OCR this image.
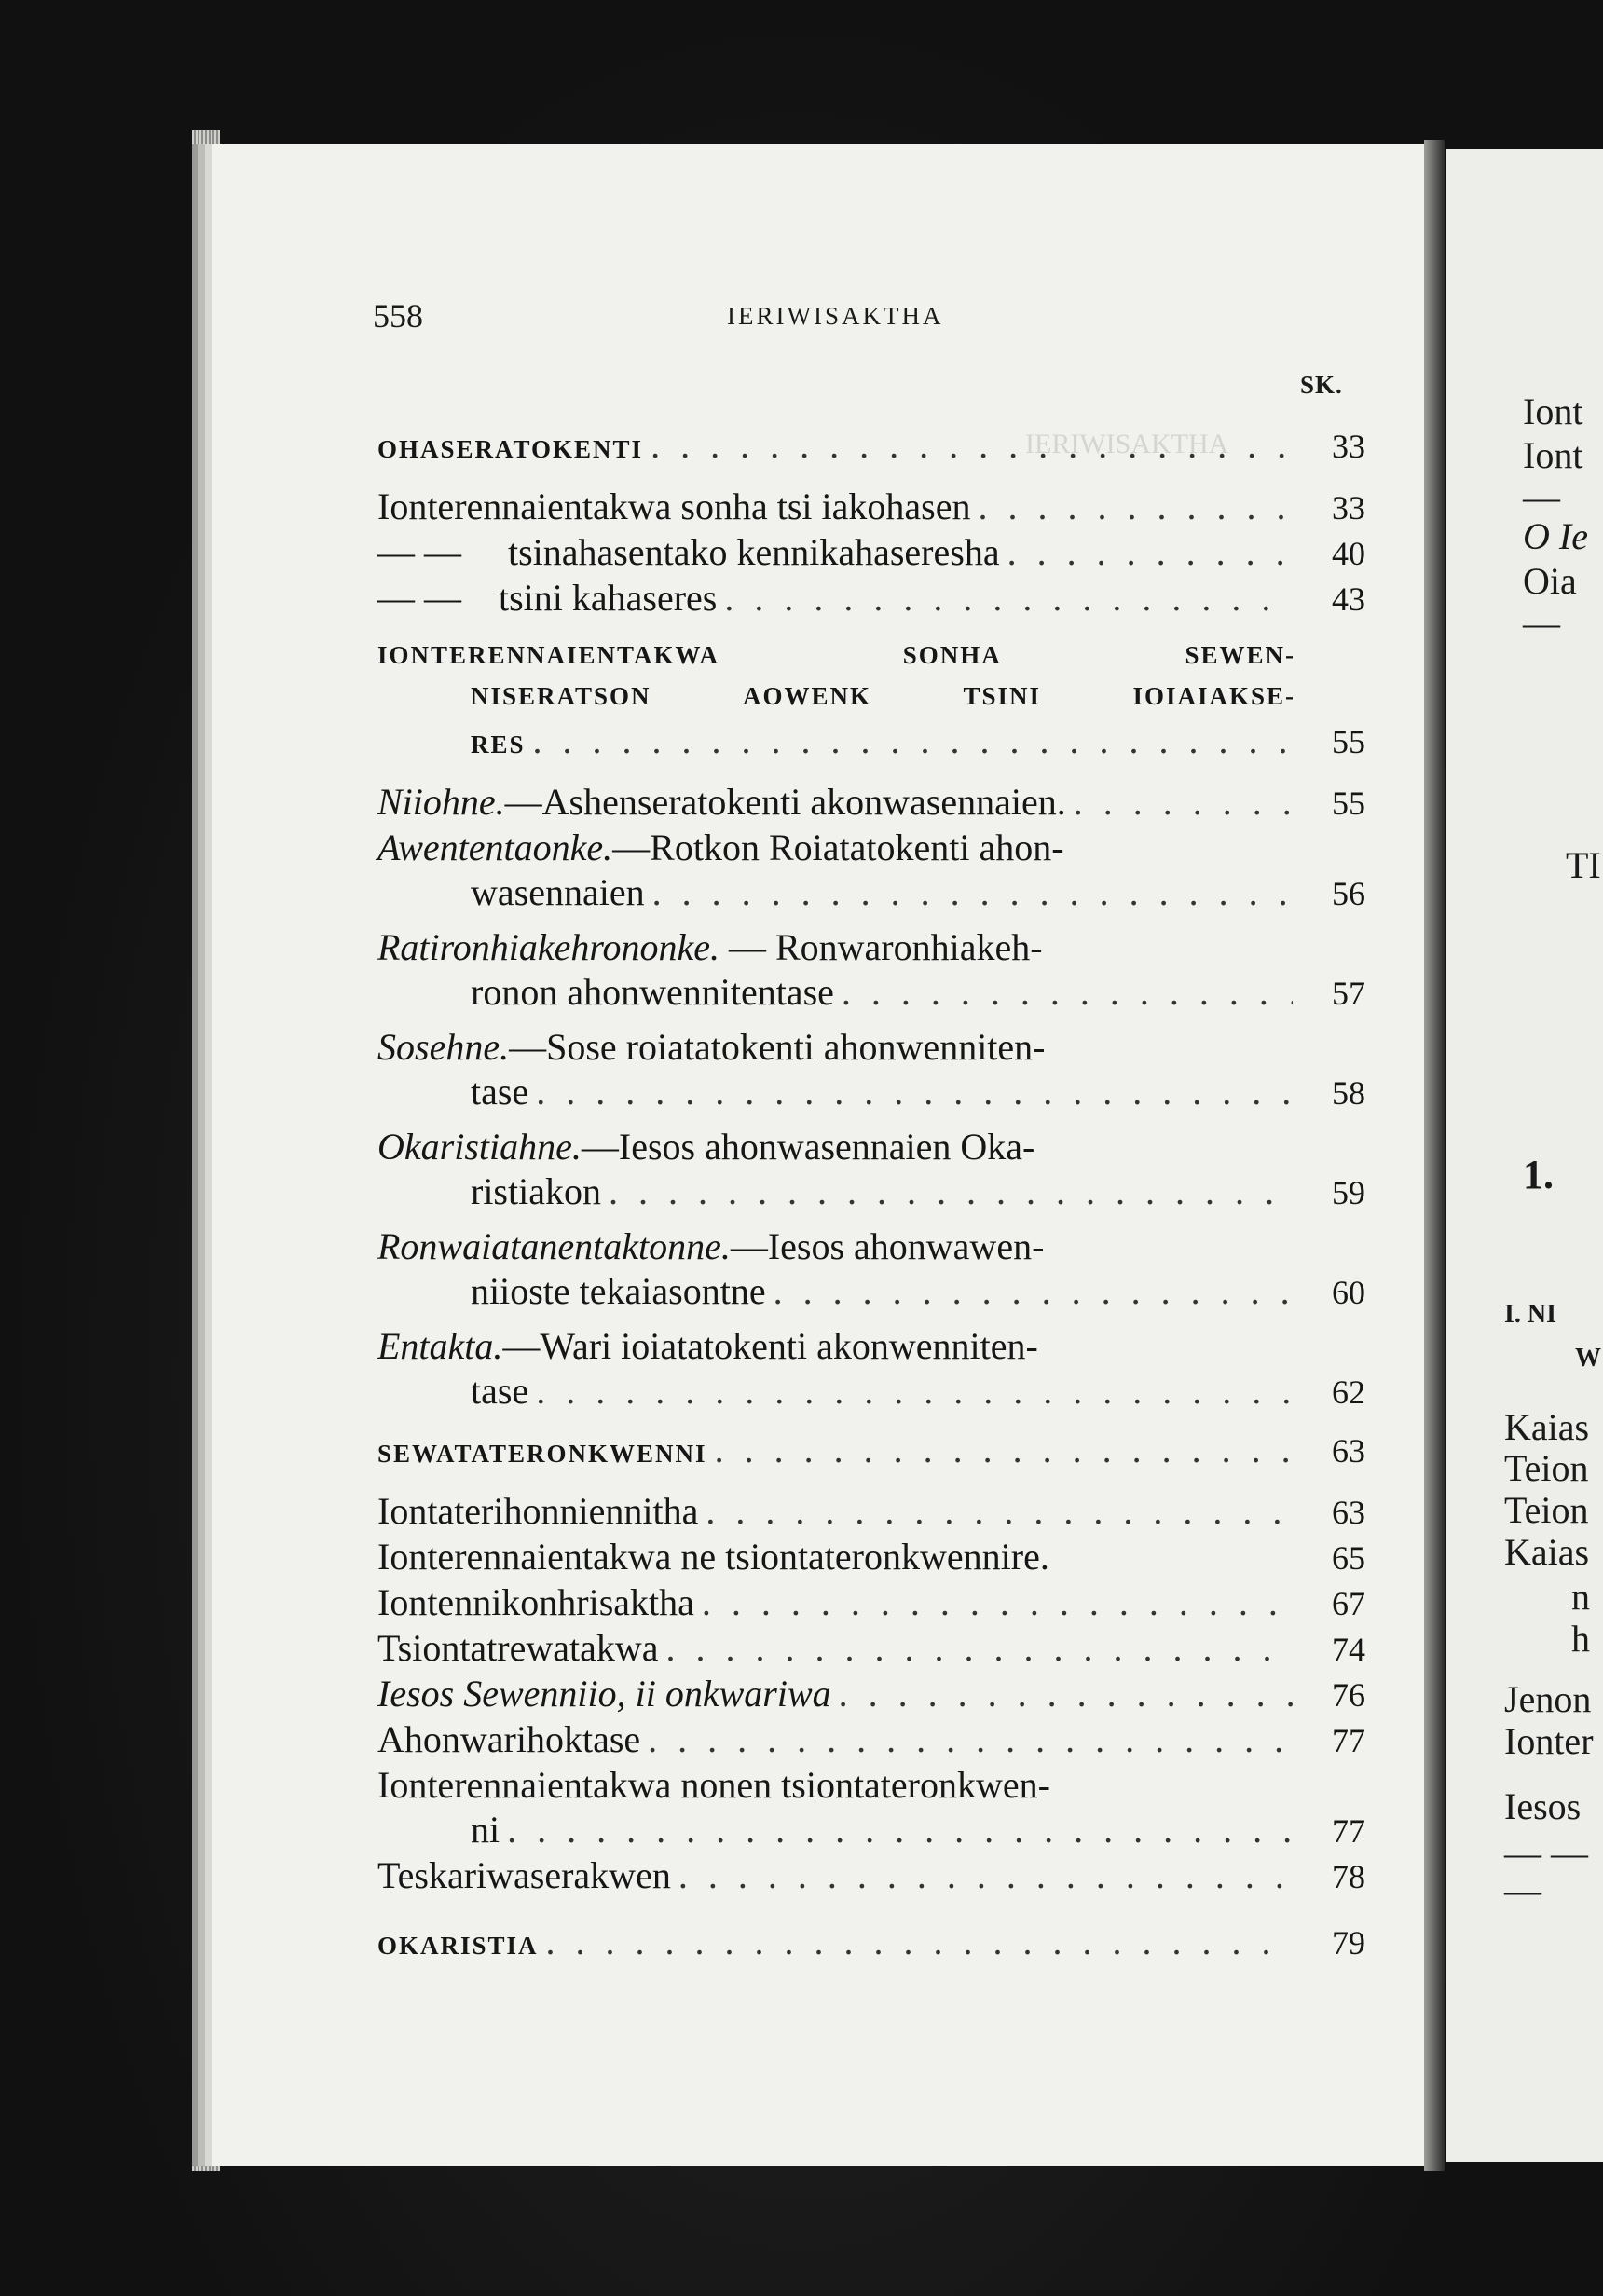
IERIWISAKTHA
558	IERIWISAKTHA
SK.
OHASERATOKENTI . . .	33
Ionterennaientakwa sonha tsi iakohasen . . .	33
— — tsinahasentako kennikahaseresha . . .	40
— — tsini kahaseres . . .	43
IONTERENNAIENTAKWA	SONHA	SEWEN-
NISERATSON	AOWENK	TSINI	IOIAIAKSE-
RES . . .	55
Niiohne.—Ashenseratokenti akonwasennaien. . . .	55
Awententaonke.—Rotkon Roiatatokenti ahon-
wasennaien . . .	56
Ratironhiakehrononke. — Ronwaronhiakeh-
ronon ahonwennitentase . . .	57
Sosehne.—Sose roiatatokenti ahonwenniten-
tase . . .	58
Okaristiahne.—Iesos ahonwasennaien Oka-
ristiakon . . .	59
Ronwaiatanentaktonne.—Iesos ahonwawen-
niioste tekaiasontne . . .	60
Entakta.—Wari ioiatatokenti akonwenniten-
tase . . .	62
SEWATATERONKWENNI . . .	63
Iontaterihonniennitha . . .	63
Ionterennaientakwa ne tsiontateronkwennire.	65
Iontennikonhrisaktha . . .	67
Tsiontatrewatakwa . . .	74
Iesos Sewenniio, ii onkwariwa . . .	76
Ahonwarihoktase . . .	77
Ionterennaientakwa nonen tsiontateronkwen-
ni . . .	77
Teskariwaserakwen . . .	78
OKARISTIA . . .	79
Iont
Iont
—
O Ie
Oia
—
TI
1.
I. NI
W
Kaias
Teion
Teion
Kaias
n
h
Jenon
Ionter
Iesos
— —
—
